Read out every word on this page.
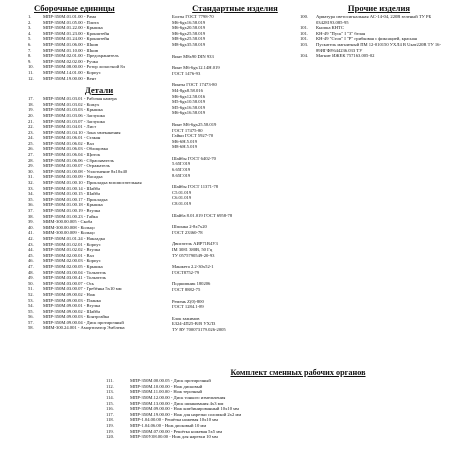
Сборочные единицы
1.	МПР-350М.01.01.00 - Рама
2.	МПР-350М.01.05.00 - Плита
3.	МПР-350М.01.22.00 - Крышка
4.	МПР-350М.01.23.00 - Кронштейн
5.	МПР-350М.01.24.00 - Кронштейн
6.	МПР-350М.01.06.00 - Шкив
7.	МПР-350М.01.10.00 - Шкив
8.	МПР-350М.02.01.00 - Предохранитель
9.	МПР-350М.02.02.00 - Ручка
10.	МПР-350М.08.00.00 - Ротор лопастной 8л
11.	МПР-350М.14.01.00 - Корпус
12.	МПР-350М.19.00.00 - Вент
Детали
17.	МПР-350М.01.03.01 - Рабочая камера
18.	МПР-350М.01.03.02 - Кожух
19.	МПР-350М.01.03.03 - Крышка
20.	МПР-350М.01.03.06 - Заглушка
21.	МПР-350М.01.03.07 - Заглушка
22.	МПР-350М.01.04.01 - Лист
23.	МПР-350М.01.04.10 - Зона зачеканения
24.	МПР-350М.01.06.01 - Стакан
25.	МПР-350М.01.06.02 - Вал
26.	МПР-350М.01.06.03 - Облицовка
27.	МПР-350М.01.06.04 - Щиток
28.	МПР-350М.01.06.06 - Сбрасыватель
29.	МПР-350М.01.00.07 - Отражатель
30.	МПР-350М.01.00.08 - Уплотнение 8х10х40
31.	МПР-350М.01.00.09 - Насадка
32.	МПР-350М.01.00.10 - Прокладка вспомогательная
33.	МПР-350М.01.00.14 - Шайба
34.	МПР-350М.01.00.15 - Шайба
35.	МПР-350М.01.00.17 - Прокладка
36.	МПР-350М.01.00.18 - Крышка
37.	МПР-350М.01.00.19 - Втулка
38.	МПР-350М.01.00.23 - Гайка
39.	МИМ-300.00.005 - Скоба
40.	МИМ-300.00.008 - Кольцо
41.	МИМ-300.00.009 - Кольцо
42.	МПР-350М.01.01.24 - Накладка
43.	МПР-350М.01.02.01 - Корпус
44.	МПР-350М.01.02.02 - Втулка
45.	МПР-350М.02.00.01 - Вал
46.	МПР-350М.02.00.03 - Корпус
47.	МПР-350М.02.00.05 - Крышка
48.	МПР-350М.03.00.04 - Толкатель
49.	МПР-350М.03.00.41 - Толкатель
50.	МПР-350М.03.00.07 - Ось
51.	МПР-350М.03.00.07 - Гребёнка 5х10 мм
52.	МПР-350М.09.00.02 - Нож
53.	МПР-350М.09.00.03 - Планка
54.	МПР-350М.09.00.01 - Втулка
55.	МПР-350М.09.00.02 - Шайба
56.	МПР-350М.09.00.03 - Контргайка
57.	МПР-350М.09.00.04 - Диск протирочный
58.	МИМ-300.24.001 - Амортизатор Эмблема
Стандартные изделия
Болты ГОСТ 7798-70
M6-6gx16.58.019
M6-6gx20.58.019
M6-6gx25.58.019
M8-6gx25.58.019
M8-6gx35.58.019
Винт М8х90 DIN 933
Винт М6-6gx12.14H.019
ГОСТ 1476-93
Винты ГОСТ 17473-80
M4-8gx8.58.016
M6-6gx12.58.016
M5-6gx10.58.019
M5-6gx16.58.019
M6-6gx16.58.019
Винт М6-6gx25.58.019
ГОСТ 17475-80
Гайки ГОСТ 5927-70
M6-6H.5.019
M8-6H.5.019
Шайбы ГОСТ 6402-70
5.65Г.019
6.65Г.019
8.65Г.019
Шайбы ГОСТ 11371-78
C5.01.019
C6.01.019
C8.01.019
Шайба 8.01.019 ГОСТ 6958-78
Шпонка 2-8х7х20
ГОСТ 23360-78
Двигатель АИР71В4У3
IM 3081 380В, 50 Гц
ТУ 0575790549-20-93
Манжета 2.2-30х52-1
ГОСТ8752-79
Подшипник 180206
ГОСТ 8882-75
Ремень Z(0)-800
ГОСТ 1284.1-89
Блок зажимов
БЗ24-4П25-В/В УХЛ3
ТУ ВУ 700073179.026-2005
Прочие изделия
100.	Арматура светосигнальная АС-14-04, 220В зеленый ТУ РБ 03428193.085-95
101.	Кнопка КНТС
101.	КН-49 "Пуск" I "3" белая
101.	КН-49 "Стоп" I "Р" грибковая с фиксацией, красная
103.	Пускатель магнитный ПМ 12-010150 УХЛ4 В Uкат220В ТУ 16-89ИГФР.644236.033 ТУ
104.	Магнит ИЖЕК 757163.005-02
Комплект сменных рабочих органов
111.	МПР-350М.00.00.05 - Диск протирочный
112.	МПР-350М.10.00.00 - Нож дисковый
113.	МПР-350М.11.00.00 - Нож терочный
114.	МПР-350М.12.00.00 - Диск тонкого измельчения
115.	МПР-350М.13.00.00 - Диск шинкования 4х3 мм
116.	МПР-350М.09.00.00 - Нож комбинированный 10х10 мм
117.	МПР-350М.19.00.00 - Нож для нарезки соломкой 2х2 мм
118.	МПР-1.04.00.00 - Решётка ножевая 10х10 мм
119.	МПР-1.04.06.00 - Нож дисковый 10 мм
119.	МПР-350М.07.00.00 - Решётка ножевая 5х5 мм
120.	МПР-350У.08.00.00 - Нож для нарезки 10 мм
